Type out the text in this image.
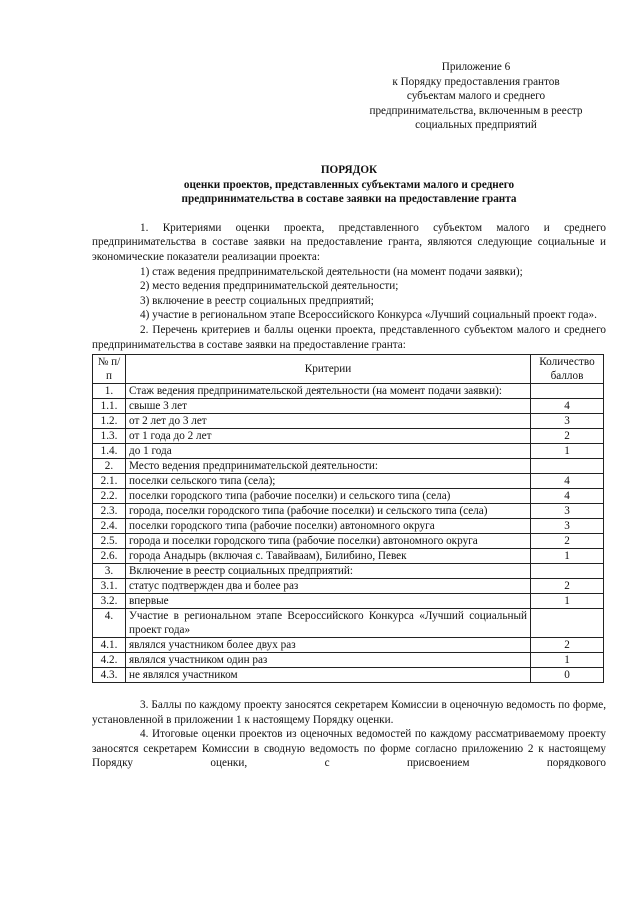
Приложение 6
к Порядку предоставления грантов
субъектам малого и среднего
предпринимательства, включенным в реестр
социальных предприятий
ПОРЯДОК
оценки проектов, представленных субъектами малого и среднего
предпринимательства в составе заявки на предоставление гранта

1. Критериями оценки проекта, представленного субъектом малого и среднего предпринимательства в составе заявки на предоставление гранта, являются следующие социальные и экономические показатели реализации проекта:

1) стаж ведения предпринимательской деятельности (на момент подачи заявки);

2) место ведения предпринимательской деятельности;

3) включение в реестр социальных предприятий;

4) участие в региональном этапе Всероссийского Конкурса «Лучший социальный проект года».

2. Перечень критериев и баллы оценки проекта, представленного субъектом малого и среднего предпринимательства в составе заявки на предоставление гранта:

№ п/п	Критерии	Количество баллов
1.	Стаж ведения предпринимательской деятельности (на момент подачи заявки):	
1.1.	свыше 3 лет	4
1.2.	от 2 лет до 3 лет	3
1.3.	от 1 года до 2 лет	2
1.4.	до 1 года	1
2.	Место ведения предпринимательской деятельности:	
2.1.	поселки сельского типа (села);	4
2.2.	поселки городского типа (рабочие поселки) и сельского типа (села)	4
2.3.	города, поселки городского типа (рабочие поселки) и сельского типа (села)	3
2.4.	поселки городского типа (рабочие поселки) автономного округа	3
2.5.	города и поселки городского типа (рабочие поселки) автономного округа	2
2.6.	города Анадырь (включая с. Тавайваам), Билибино, Певек	1
3.	Включение в реестр социальных предприятий:	
3.1.	статус подтвержден два и более раз	2
3.2.	впервые	1
4.	Участие в региональном этапе Всероссийского Конкурса «Лучший социальный проект года»	
4.1.	являлся участником более двух раз	2
4.2.	являлся участником один раз	1
4.3.	не являлся участником	0

3. Баллы по каждому проекту заносятся секретарем Комиссии в оценочную ведомость по форме, установленной в приложении 1 к настоящему Порядку оценки.

4. Итоговые оценки проектов из оценочных ведомостей по каждому рассматриваемому проекту заносятся секретарем Комиссии в сводную ведомость по форме согласно приложению 2 к настоящему Порядку оценки, с присвоением порядкового
